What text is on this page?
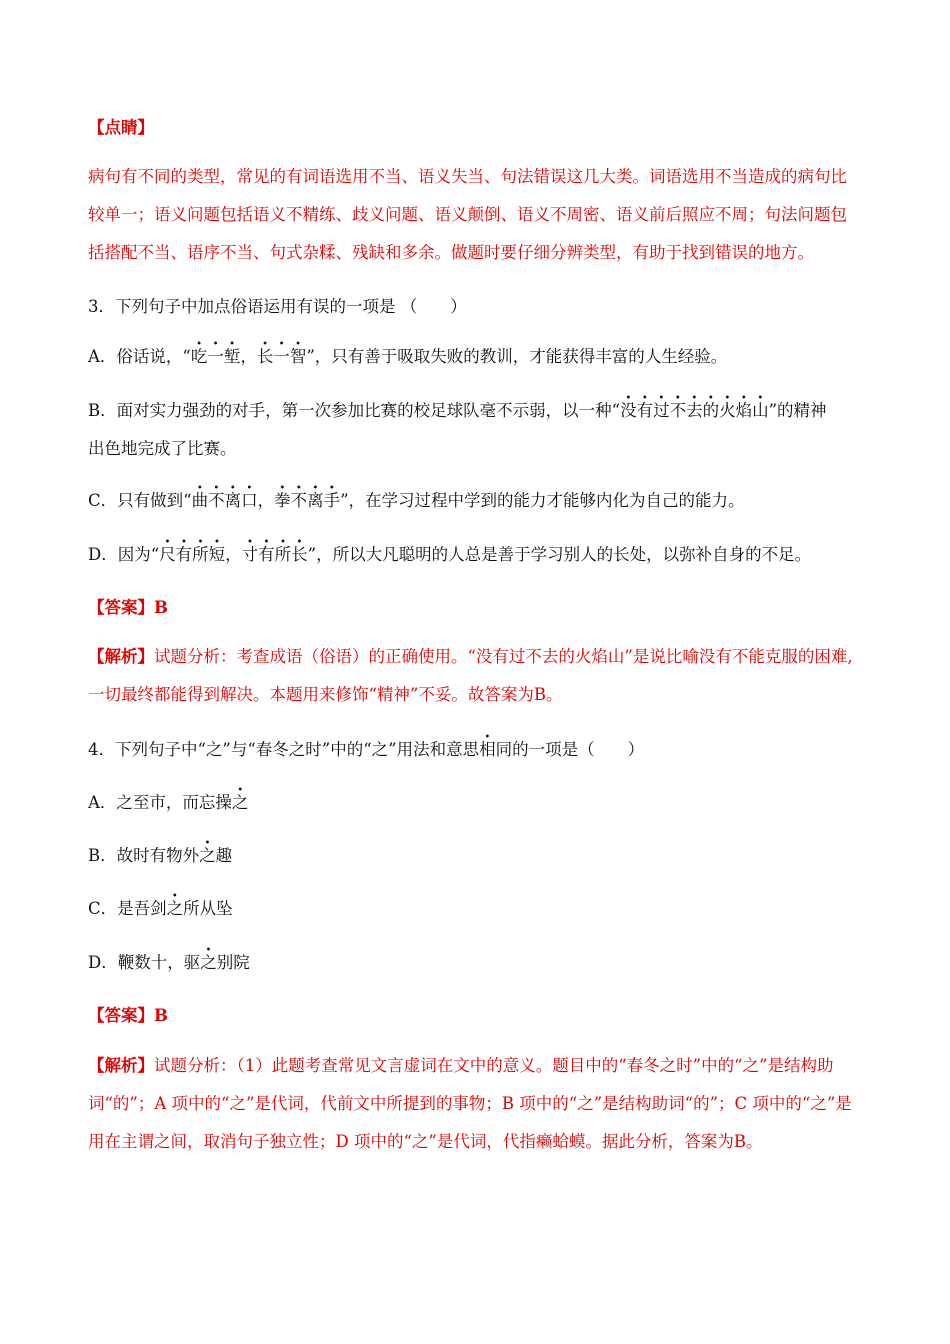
【点睛】
病句有不同的类型，常见的有词语选用不当、语义失当、句法错误这几大类。词语选用不当造成的病句比较单一；语义问题包括语义不精练、歧义问题、语义颠倒、语义不周密、语义前后照应不周；句法问题包括搭配不当、语序不当、句式杂糅、残缺和多余。做题时要仔细分辨类型，有助于找到错误的地方。
3．下列句子中加点俗语运用有误的一项是 （　　）
A．俗话说，“吃一堑，长一智”，只有善于吸取失败的教训，才能获得丰富的人生经验。
B．面对实力强劲的对手，第一次参加比赛的校足球队毫不示弱，以一种“没有过不去的火焰山”的精神
出色地完成了比赛。
C．只有做到“曲不离口，拳不离手”，在学习过程中学到的能力才能够内化为自己的能力。
D．因为“尺有所短，寸有所长”，所以大凡聪明的人总是善于学习别人的长处，以弥补自身的不足。
【答案】B
【解析】试题分析：考查成语（俗语）的正确使用。“没有过不去的火焰山”是说比喻没有不能克服的困难,一切最终都能得到解决。本题用来修饰“精神”不妥。故答案为B。
4．下列句子中“之”与“春冬之时”中的“之”用法和意思相同的一项是（　　）
A．之至市，而忘操之
B．故时有物外之趣
C．是吾剑之所从坠
D．鞭数十，驱之别院
【答案】B
【解析】试题分析：（1）此题考查常见文言虚词在文中的意义。题目中的“春冬之时”中的“之”是结构助词“的”；A 项中的“之”是代词，代前文中所提到的事物；B 项中的“之”是结构助词“的”；C 项中的“之”是用在主谓之间，取消句子独立性；D 项中的“之”是代词，代指癞蛤蟆。据此分析，答案为B。
